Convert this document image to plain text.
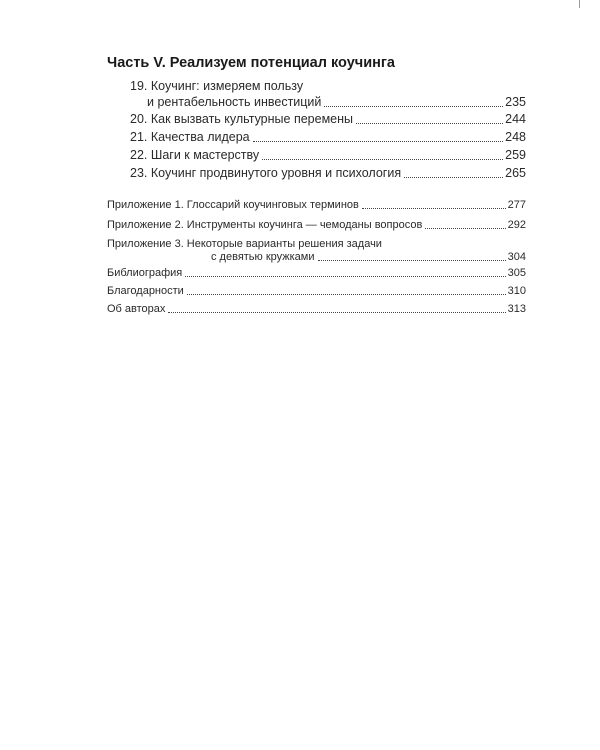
Часть V. Реализуем потенциал коучинга
19. Коучинг: измеряем пользу
и рентабельность инвестиций	235
20. Как вызвать культурные перемены	244
21. Качества лидера	248
22. Шаги к мастерству	259
23. Коучинг продвинутого уровня и психология	265
Приложение 1. Глоссарий коучинговых терминов	277
Приложение 2. Инструменты коучинга — чемоданы вопросов	292
Приложение 3. Некоторые варианты решения задачи
с девятью кружками	304
Библиография	305
Благодарности	310
Об авторах	313
